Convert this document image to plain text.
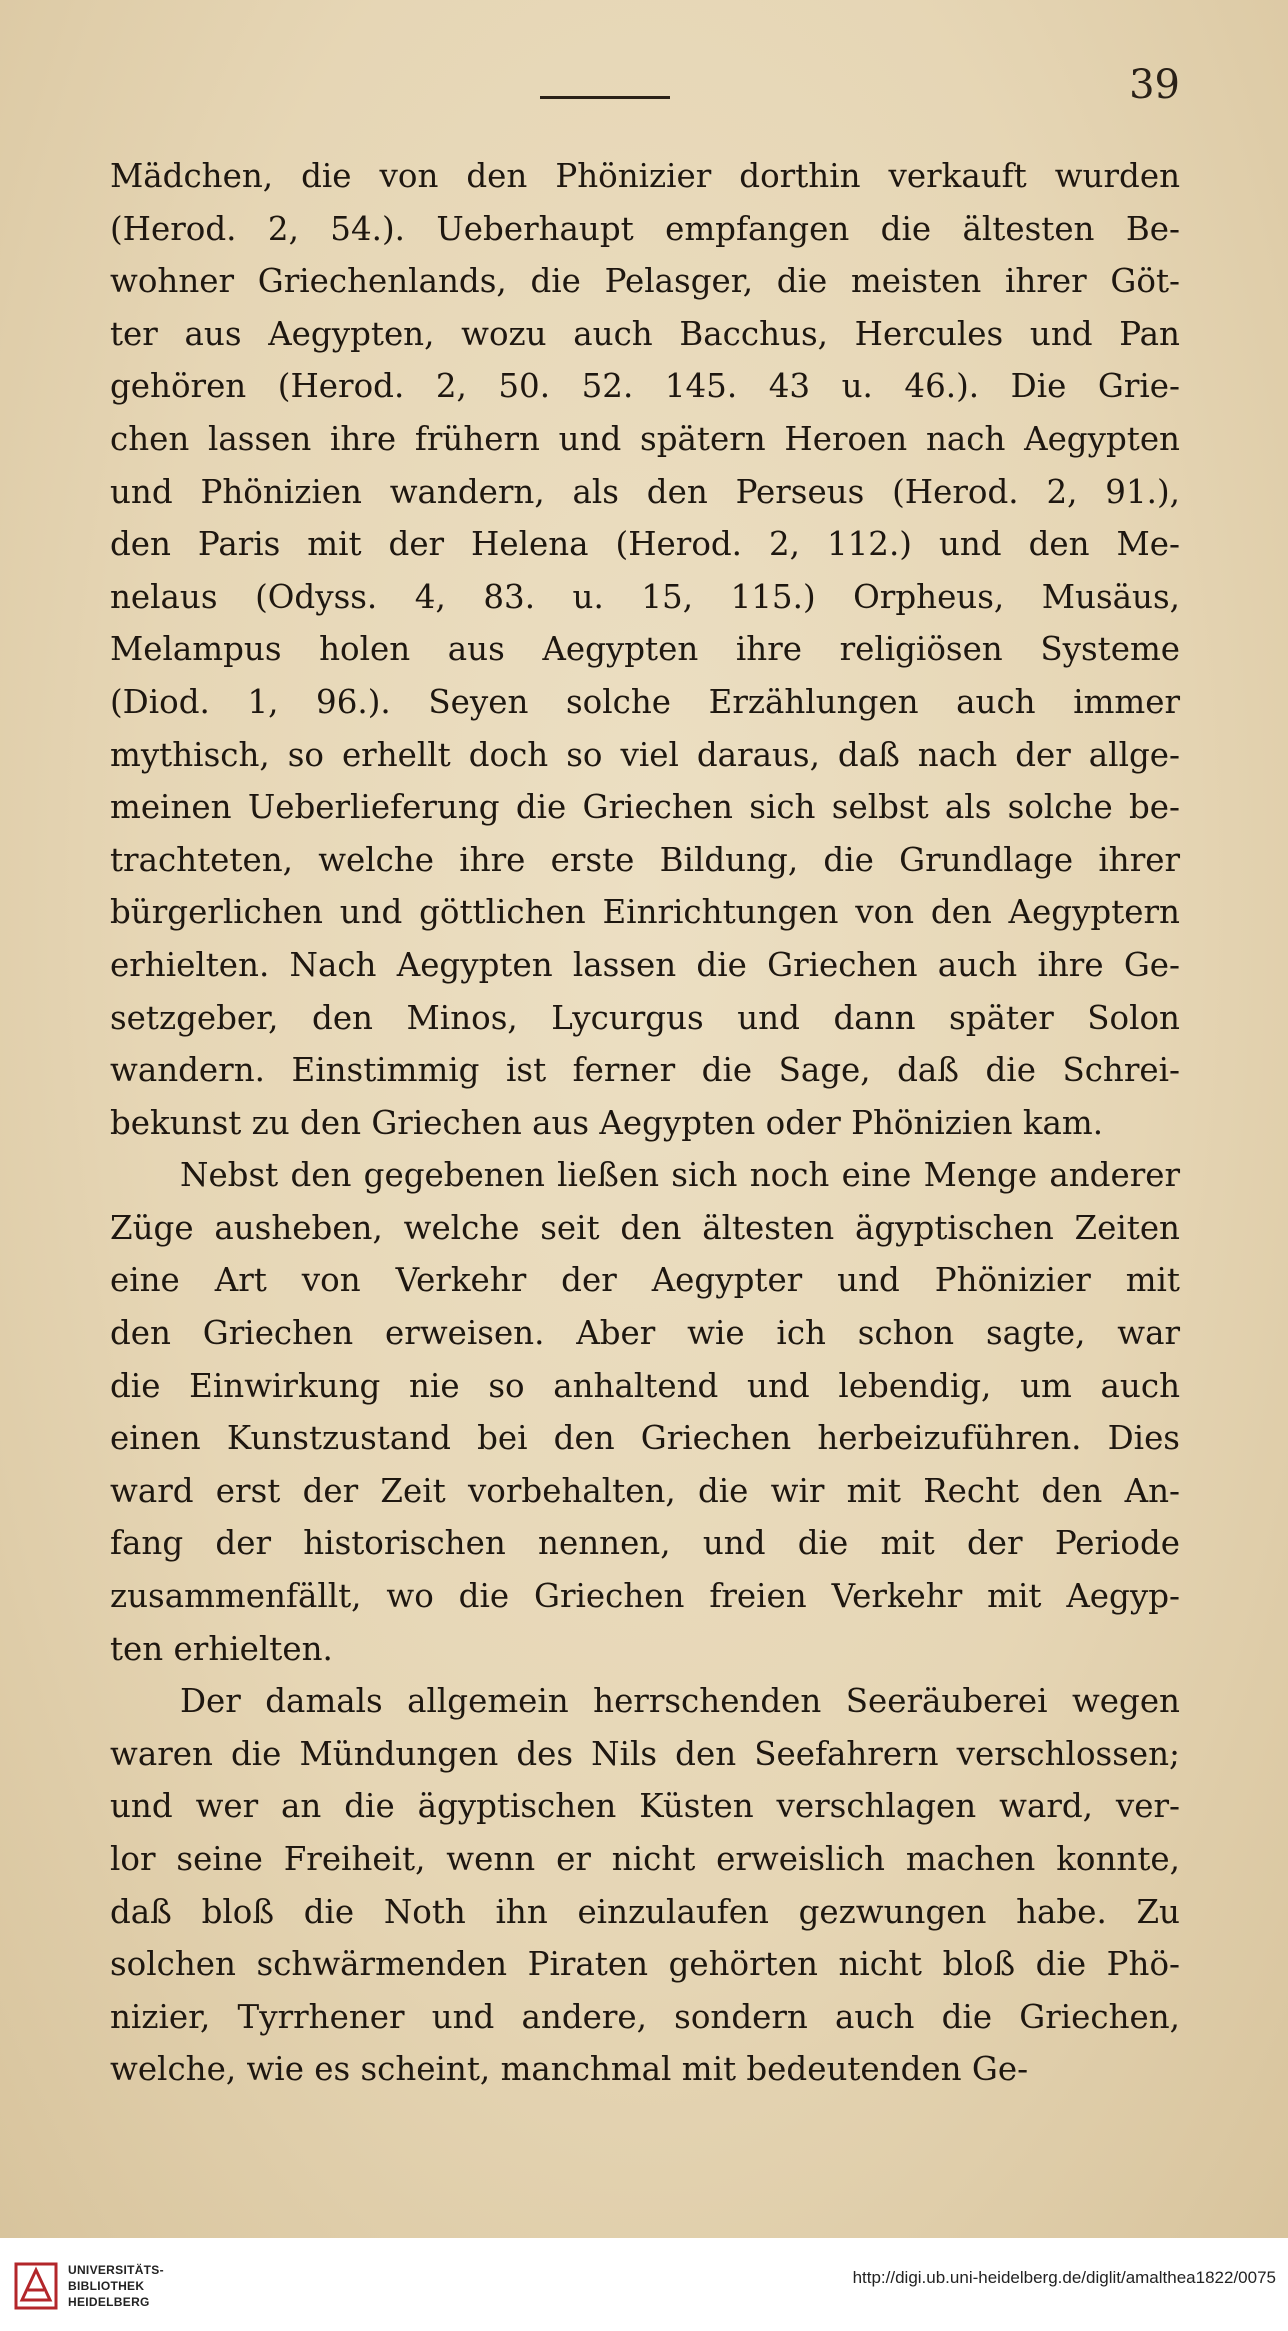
39
Mädchen, die von den Phönizier dorthin verkauft wurden
(Herod. 2, 54.). Ueberhaupt empfangen die ältesten Be-
wohner Griechenlands, die Pelasger, die meisten ihrer Göt-
ter aus Aegypten, wozu auch Bacchus, Hercules und Pan
gehören (Herod. 2, 50. 52. 145. 43 u. 46.). Die Grie-
chen lassen ihre frühern und spätern Heroen nach Aegypten
und Phönizien wandern, als den Perseus (Herod. 2, 91.),
den Paris mit der Helena (Herod. 2, 112.) und den Me-
nelaus (Odyss. 4, 83. u. 15, 115.) Orpheus, Musäus,
Melampus holen aus Aegypten ihre religiösen Systeme
(Diod. 1, 96.). Seyen solche Erzählungen auch immer
mythisch, so erhellt doch so viel daraus, daß nach der allge-
meinen Ueberlieferung die Griechen sich selbst als solche be-
trachteten, welche ihre erste Bildung, die Grundlage ihrer
bürgerlichen und göttlichen Einrichtungen von den Aegyptern
erhielten. Nach Aegypten lassen die Griechen auch ihre Ge-
setzgeber, den Minos, Lycurgus und dann später Solon
wandern. Einstimmig ist ferner die Sage, daß die Schrei-
bekunst zu den Griechen aus Aegypten oder Phönizien kam.
Nebst den gegebenen ließen sich noch eine Menge anderer
Züge ausheben, welche seit den ältesten ägyptischen Zeiten
eine Art von Verkehr der Aegypter und Phönizier mit
den Griechen erweisen. Aber wie ich schon sagte, war
die Einwirkung nie so anhaltend und lebendig, um auch
einen Kunstzustand bei den Griechen herbeizuführen. Dies
ward erst der Zeit vorbehalten, die wir mit Recht den An-
fang der historischen nennen, und die mit der Periode
zusammenfällt, wo die Griechen freien Verkehr mit Aegyp-
ten erhielten.
Der damals allgemein herrschenden Seeräuberei wegen
waren die Mündungen des Nils den Seefahrern verschlossen;
und wer an die ägyptischen Küsten verschlagen ward, ver-
lor seine Freiheit, wenn er nicht erweislich machen konnte,
daß bloß die Noth ihn einzulaufen gezwungen habe. Zu
solchen schwärmenden Piraten gehörten nicht bloß die Phö-
nizier, Tyrrhener und andere, sondern auch die Griechen,
welche, wie es scheint, manchmal mit bedeutenden Ge-
UNIVERSITÄTS-
BIBLIOTHEK
HEIDELBERG
http://digi.ub.uni-heidelberg.de/diglit/amalthea1822/0075
